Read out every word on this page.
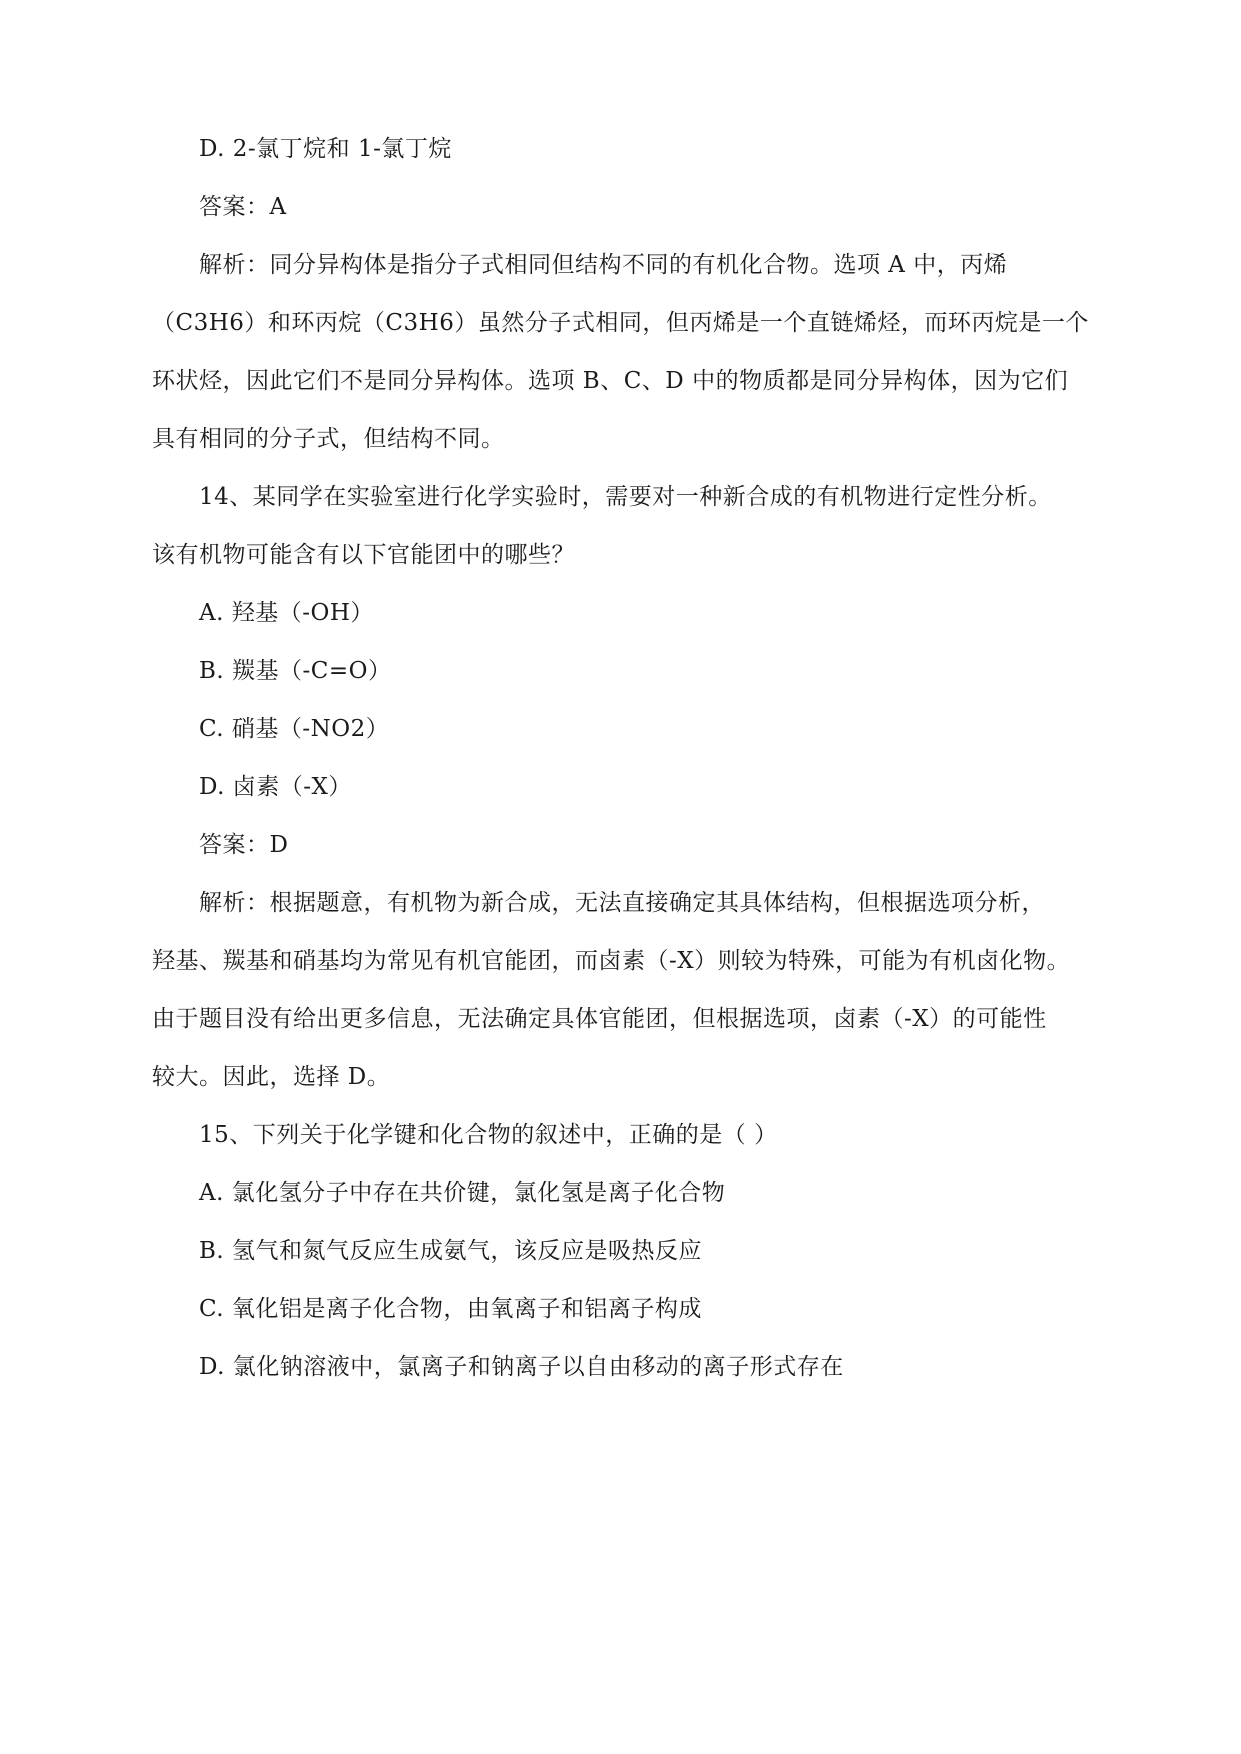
D. 2-氯丁烷和 1-氯丁烷
答案：A
解析：同分异构体是指分子式相同但结构不同的有机化合物。选项 A 中，丙烯
（C3H6）和环丙烷（C3H6）虽然分子式相同，但丙烯是一个直链烯烃，而环丙烷是一个
环状烃，因此它们不是同分异构体。选项 B、C、D 中的物质都是同分异构体，因为它们
具有相同的分子式，但结构不同。
14、某同学在实验室进行化学实验时，需要对一种新合成的有机物进行定性分析。
该有机物可能含有以下官能团中的哪些？
A. 羟基（-OH）
B. 羰基（-C=O）
C. 硝基（-NO2）
D. 卤素（-X）
答案：D
解析：根据题意，有机物为新合成，无法直接确定其具体结构，但根据选项分析，
羟基、羰基和硝基均为常见有机官能团，而卤素（-X）则较为特殊，可能为有机卤化物。
由于题目没有给出更多信息，无法确定具体官能团，但根据选项，卤素（-X）的可能性
较大。因此，选择 D。
15、下列关于化学键和化合物的叙述中，正确的是（ ）
A. 氯化氢分子中存在共价键，氯化氢是离子化合物
B. 氢气和氮气反应生成氨气，该反应是吸热反应
C. 氧化铝是离子化合物，由氧离子和铝离子构成
D. 氯化钠溶液中，氯离子和钠离子以自由移动的离子形式存在
